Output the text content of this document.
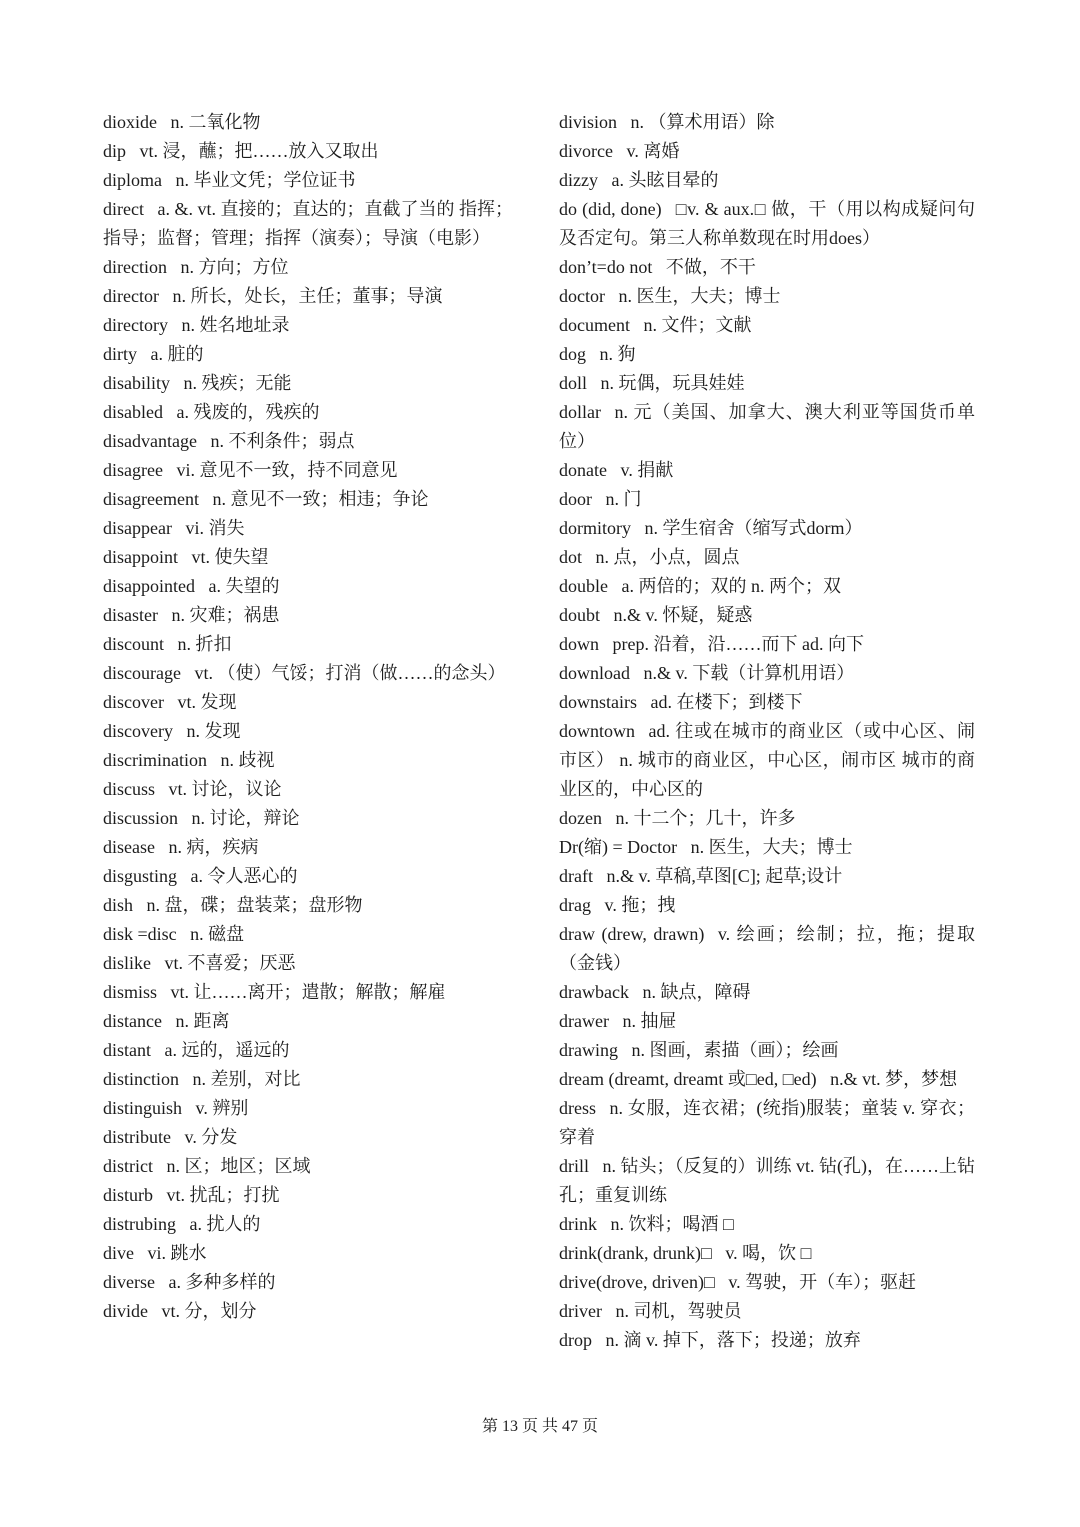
dioxide n. 二氧化物
dip vt. 浸，蘸；把……放入又取出
diploma n. 毕业文凭；学位证书
direct a. &. vt. 直接的；直达的；直截了当的 指挥；指导；监督；管理；指挥（演奏）；导演（电影）
direction n. 方向；方位
director n. 所长，处长，主任；董事；导演
directory n. 姓名地址录
dirty a. 脏的
disability n. 残疾；无能
disabled a. 残废的，残疾的
disadvantage n. 不利条件；弱点
disagree vi. 意见不一致，持不同意见
disagreement n. 意见不一致；相违；争论
disappear vi. 消失
disappoint vt. 使失望
disappointed a. 失望的
disaster n. 灾难；祸患
discount n. 折扣
discourage vt. （使）气馁；打消（做……的念头）
discover vt. 发现
discovery n. 发现
discrimination n. 歧视
discuss vt. 讨论，议论
discussion n. 讨论，辩论
disease n. 病，疾病
disgusting a. 令人恶心的
dish n. 盘，碟；盘装菜；盘形物
disk =disc n. 磁盘
dislike vt. 不喜爱；厌恶
dismiss vt. 让……离开；遣散；解散；解雇
distance n. 距离
distant a. 远的，遥远的
distinction n. 差别，对比
distinguish v. 辨别
distribute v. 分发
district n. 区；地区；区域
disturb vt. 扰乱；打扰
distrubing a. 扰人的
dive vi. 跳水
diverse a. 多种多样的
divide vt. 分，划分
division n. （算术用语）除
divorce v. 离婚
dizzy a. 头眩目晕的
do (did, done) □v. & aux.□ 做，干（用以构成疑问句及否定句。第三人称单数现在时用does）
don’t=do not 不做，不干
doctor n. 医生，大夫；博士
document n. 文件；文献
dog n. 狗
doll n. 玩偶，玩具娃娃
dollar n. 元（美国、加拿大、澳大利亚等国货币单位）
donate v. 捐献
door n. 门
dormitory n. 学生宿舍（缩写式dorm）
dot n. 点，小点，圆点
double a. 两倍的；双的 n. 两个；双
doubt n.& v. 怀疑，疑惑
down prep. 沿着，沿……而下 ad. 向下
download n.& v. 下载（计算机用语）
downstairs ad. 在楼下；到楼下
downtown ad. 往或在城市的商业区（或中心区、闹市区） n. 城市的商业区，中心区，闹市区 城市的商业区的，中心区的
dozen n. 十二个；几十，许多
Dr(缩) = Doctor n. 医生，大夫；博士
draft n.& v. 草稿,草图[C]; 起草;设计
drag v. 拖；拽
draw (drew, drawn) v. 绘画；绘制；拉，拖；提取（金钱）
drawback n. 缺点，障碍
drawer n. 抽屉
drawing n. 图画，素描（画）；绘画
dream (dreamt, dreamt 或□ed, □ed) n.& vt. 梦，梦想
dress n. 女服，连衣裙；(统指)服装；童装 v. 穿衣；穿着
drill n. 钻头；（反复的）训练 vt. 钻(孔)，在……上钻孔；重复训练
drink n. 饮料；喝酒 □
drink(drank, drunk)□ v. 喝，饮 □
drive(drove, driven)□ v. 驾驶，开（车）；驱赶
driver n. 司机，驾驶员
drop n. 滴 v. 掉下，落下；投递；放弃
第 13 页 共 47 页
